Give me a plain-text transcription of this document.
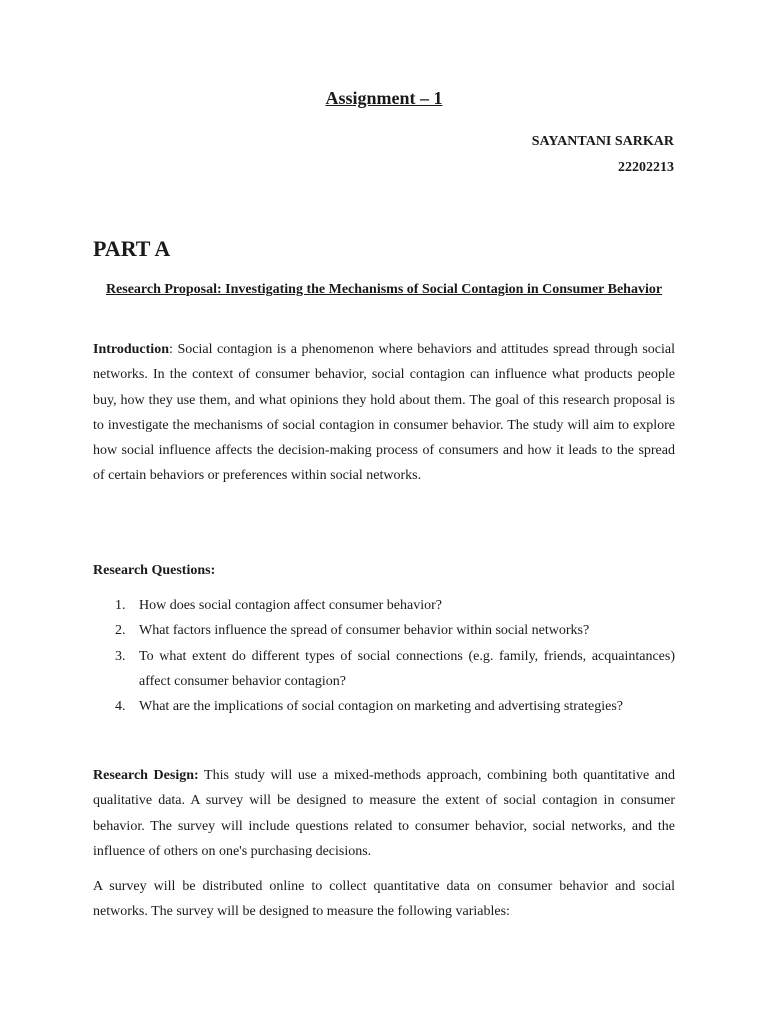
Assignment – 1
SAYANTANI SARKAR
22202213
PART A
Research Proposal: Investigating the Mechanisms of Social Contagion in Consumer Behavior

Introduction: Social contagion is a phenomenon where behaviors and attitudes spread through social networks. In the context of consumer behavior, social contagion can influence what products people buy, how they use them, and what opinions they hold about them. The goal of this research proposal is to investigate the mechanisms of social contagion in consumer behavior. The study will aim to explore how social influence affects the decision-making process of consumers and how it leads to the spread of certain behaviors or preferences within social networks.

Research Questions:
1. How does social contagion affect consumer behavior?
2. What factors influence the spread of consumer behavior within social networks?
3. To what extent do different types of social connections (e.g. family, friends, acquaintances) affect consumer behavior contagion?
4. What are the implications of social contagion on marketing and advertising strategies?

Research Design: This study will use a mixed-methods approach, combining both quantitative and qualitative data. A survey will be designed to measure the extent of social contagion in consumer behavior. The survey will include questions related to consumer behavior, social networks, and the influence of others on one's purchasing decisions.

A survey will be distributed online to collect quantitative data on consumer behavior and social networks. The survey will be designed to measure the following variables:
